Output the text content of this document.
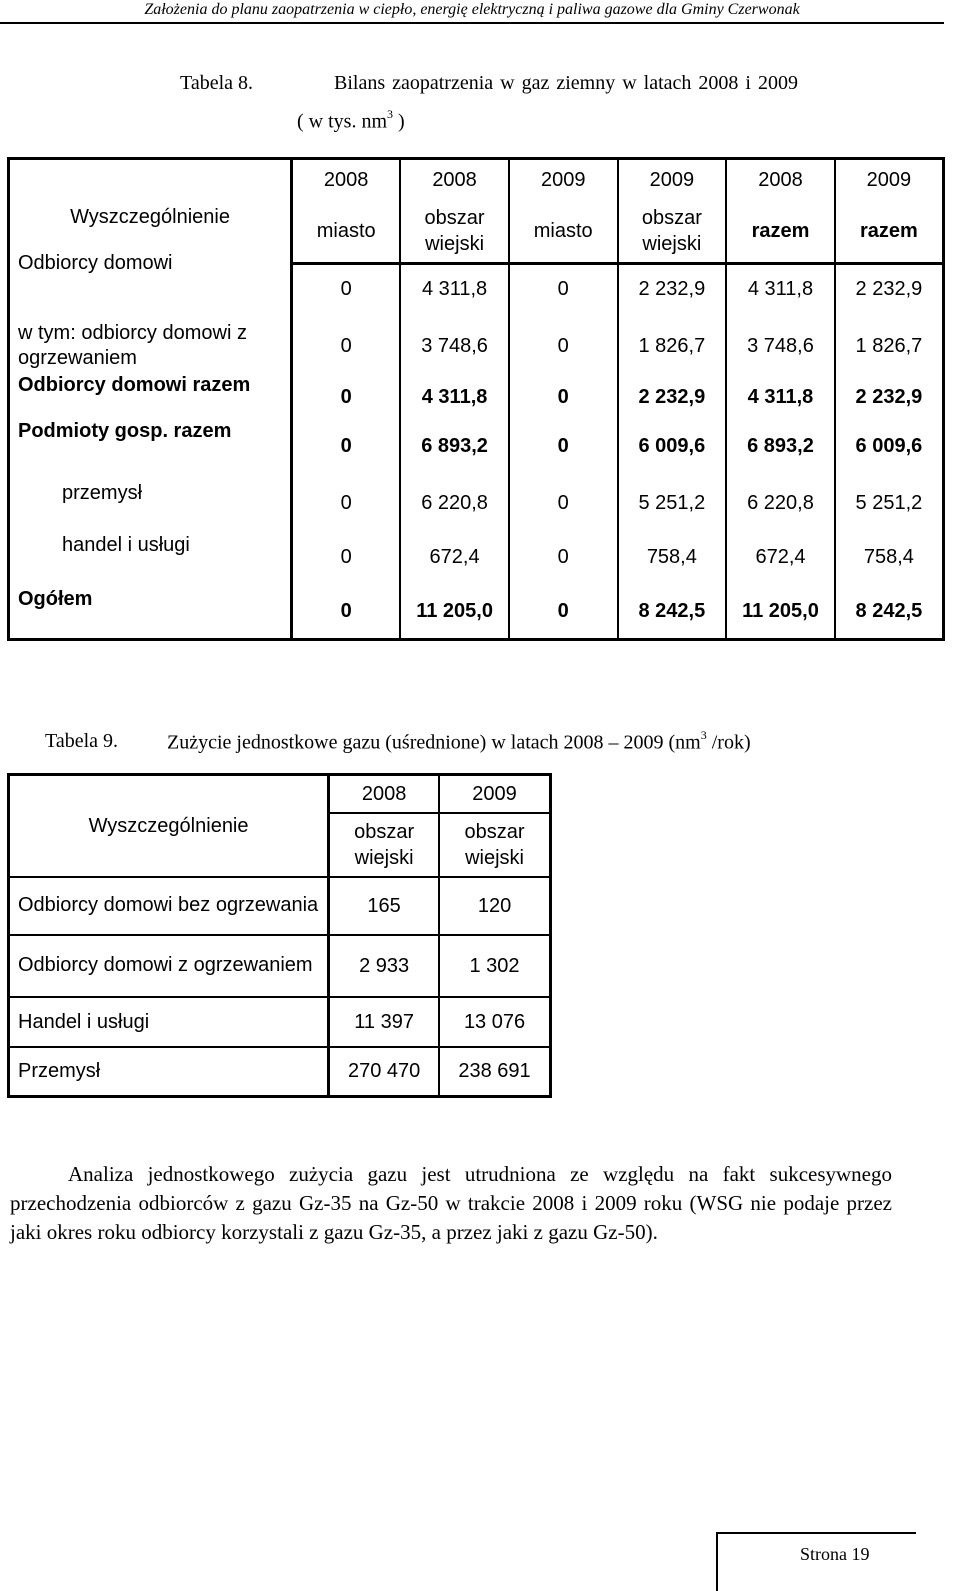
Założenia do planu zaopatrzenia w ciepło, energię elektryczną i paliwa gazowe dla Gminy Czerwonak
Tabela 8.	Bilans zaopatrzenia w gaz ziemny w latach 2008 i 2009
( w tys. $nm^3$ )
Wyszczególnienie	2008	2008	2009	2009	2008	2009
	miasto	obszar wiejski	miasto	obszar wiejski	razem	razem
Odbiorcy domowi	0	4 311,8	0	2 232,9	4 311,8	2 232,9
w tym: odbiorcy domowi z ogrzewaniem	0	3 748,6	0	1 826,7	3 748,6	1 826,7
Odbiorcy domowi razem	0	4 311,8	0	2 232,9	4 311,8	2 232,9
Podmioty gosp. razem	0	6 893,2	0	6 009,6	6 893,2	6 009,6
przemysł	0	6 220,8	0	5 251,2	6 220,8	5 251,2
handel i usługi	0	672,4	0	758,4	672,4	758,4
Ogółem	0	11 205,0	0	8 242,5	11 205,0	8 242,5
Tabela 9. Zużycie jednostkowe gazu (uśrednione) w latach 2008 – 2009 ($nm^3$ /rok)
Wyszczególnienie	2008	2009
	obszar wiejski	obszar wiejski
Odbiorcy domowi bez ogrzewania	165	120
Odbiorcy domowi z ogrzewaniem	2 933	1 302
Handel i usługi	11 397	13 076
Przemysł	270 470	238 691
Analiza jednostkowego zużycia gazu jest utrudniona ze względu na fakt sukcesywnego przechodzenia odbiorców z gazu Gz-35 na Gz-50 w trakcie 2008 i 2009 roku (WSG nie podaje przez jaki okres roku odbiorcy korzystali z gazu Gz-35, a przez jaki z gazu Gz-50).
Strona 19
